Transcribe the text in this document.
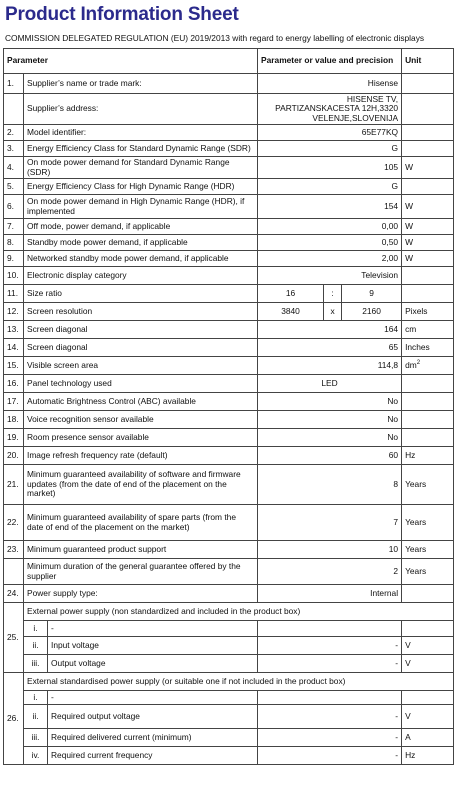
Product Information Sheet
COMMISSION DELEGATED REGULATION (EU) 2019/2013 with regard to energy labelling of electronic displays
Parameter			Parameter or value and precision			Unit
1.	Supplier’s name or trade mark:		Hisense			
	Supplier’s address:		HISENSE TV, PARTIZANSKACESTA 12H,3320 VELENJE,SLOVENIJA			
2.	Model identifier:		65E77KQ			
3.	Energy Efficiency Class for Standard Dynamic Range (SDR)		G			
4.	On mode power demand for Standard Dynamic Range (SDR)		105			W
5.	Energy Efficiency Class for High Dynamic Range (HDR)		G			
6.	On mode power demand in High Dynamic Range (HDR), if implemented		154			W
7.	Off mode, power demand, if applicable		0,00			W
8.	Standby mode power demand, if applicable		0,50			W
9.	Networked standby mode power demand, if applicable		2,00			W
10.	Electronic display category		Television			
11.	Size ratio		16	:	9	
12.	Screen resolution		3840	x	2160	Pixels
13.	Screen diagonal		164			cm
14.	Screen diagonal		65			Inches
15.	Visible screen area		114,8			$dm^2$
16.	Panel technology used		LED			
17.	Automatic Brightness Control (ABC) available		No			
18.	Voice recognition sensor available		No			
19.	Room presence sensor available		No			
20.	Image refresh frequency rate (default)		60			Hz
21.	Minimum guaranteed availability of software and firmware updates (from the date of end of the placement on the market)		8			Years
22.	Minimum guaranteed availability of spare parts (from the date of end of the placement on the market)		7			Years
23.	Minimum guaranteed product support		10			Years
	Minimum duration of the general guarantee offered by the supplier		2			Years
24.	Power supply type:		Internal			
25.	External power supply (non standardized and included in the product box)					
	i.	-				
	ii.	Input voltage	-			V
	iii.	Output voltage	-			V
26.	External standardised power supply (or suitable one if not included in the product box)					
	i.	-				
	ii.	Required output voltage	-			V
	iii.	Required delivered current (minimum)	-			A
	iv.	Required current frequency	-			Hz
